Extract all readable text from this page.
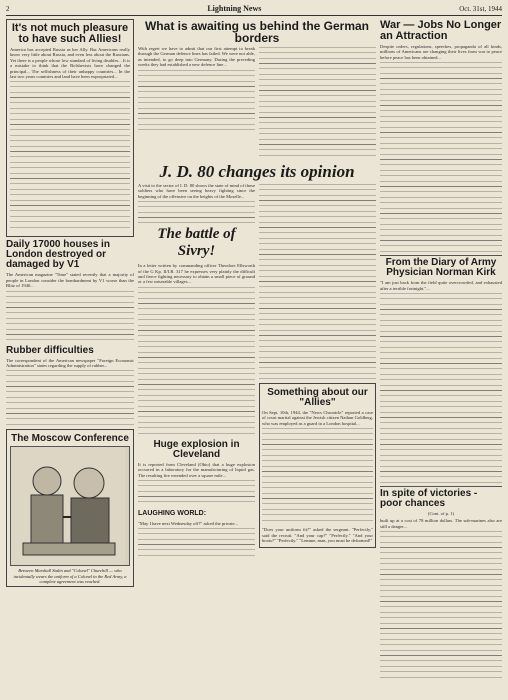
2	Lightning News	Oct. 31st, 1944
It's not much pleasure to have such Allies!

America has accepted Russia as her Ally. But Americans really know very little about Russia, and even less about the Russians. Yet there is a people whose low standard of living disables... It is a mistake to think that the Bolshevists have changed the principal... The selfishness of their unhappy countries... In the last two years countries and land have been expropriated...

Daily 17000 houses in London destroyed or damaged by V1

The American magazine "Time" stated recently that a majority of people in London consider the bombardment by V1 worse than the Blitz of 1940...

Rubber difficulties

The correspondent of the American newspaper "Foreign Economic Administration" states regarding the supply of rubber...

The Moscow Conference
Between Marshall Stalin and "Colonel" Churchill — who incidentally wears the uniform of a Colonel in the Red Army, a complete agreement was reached.
What is awaiting us behind the German borders

With regret we have to admit that our first attempt to break through the German defence lines has failed. We were not able, as intended, to go deep into Germany. During the preceding weeks they had established a new defence line...

J. D. 80 changes its opinion

A visit to the sector of I. D. 80 shows the state of mind of those soldiers who have been seeing heavy fighting since the beginning of the offensive on the heights of the Moselle...

The battle of Sivry!

In a letter written by commanding officer Theodore Ellsworth of the G Kp. II/I.R. 317 he expresses very plainly the difficult and fierce fighting necessary to obtain a small piece of ground or a few miserable villages...

Huge explosion in Cleveland

It is reported from Cleveland (Ohio) that a huge explosion occurred in a laboratory for the manufacturing of liquid gas. The resulting fire extended over a square mile...

LAUGHING WORLD:

"May I have next Wednesday off?" asked the private...

Something about our "Allies"

On Sept. 10th, 1944, the "News Chronicle" reported a case of court martial against the Jewish citizen Nathan Goldberg, who was employed as a guard in a London hospital...

"Does your uniform fit?" asked the sergeant. "Perfectly," said the recruit. "And your cap?" "Perfectly." "And your boots?" "Perfectly." "Lemme, man, you must be deformed!"

War — Jobs No Longer an Attraction

Despite orders, regulations, speeches, propaganda of all kinds, millions of Americans are changing their lives from war to peace before peace has been obtained...

From the Diary of Army Physician Norman Kirk

"I am just back from the field quite overcrowded, and exhausted after a terrible fortnight."...

In spite of victories - poor chances
(Cont. of p. 1)

built up at a cost of 78 million dollars. The sub-marines also are still a danger...
